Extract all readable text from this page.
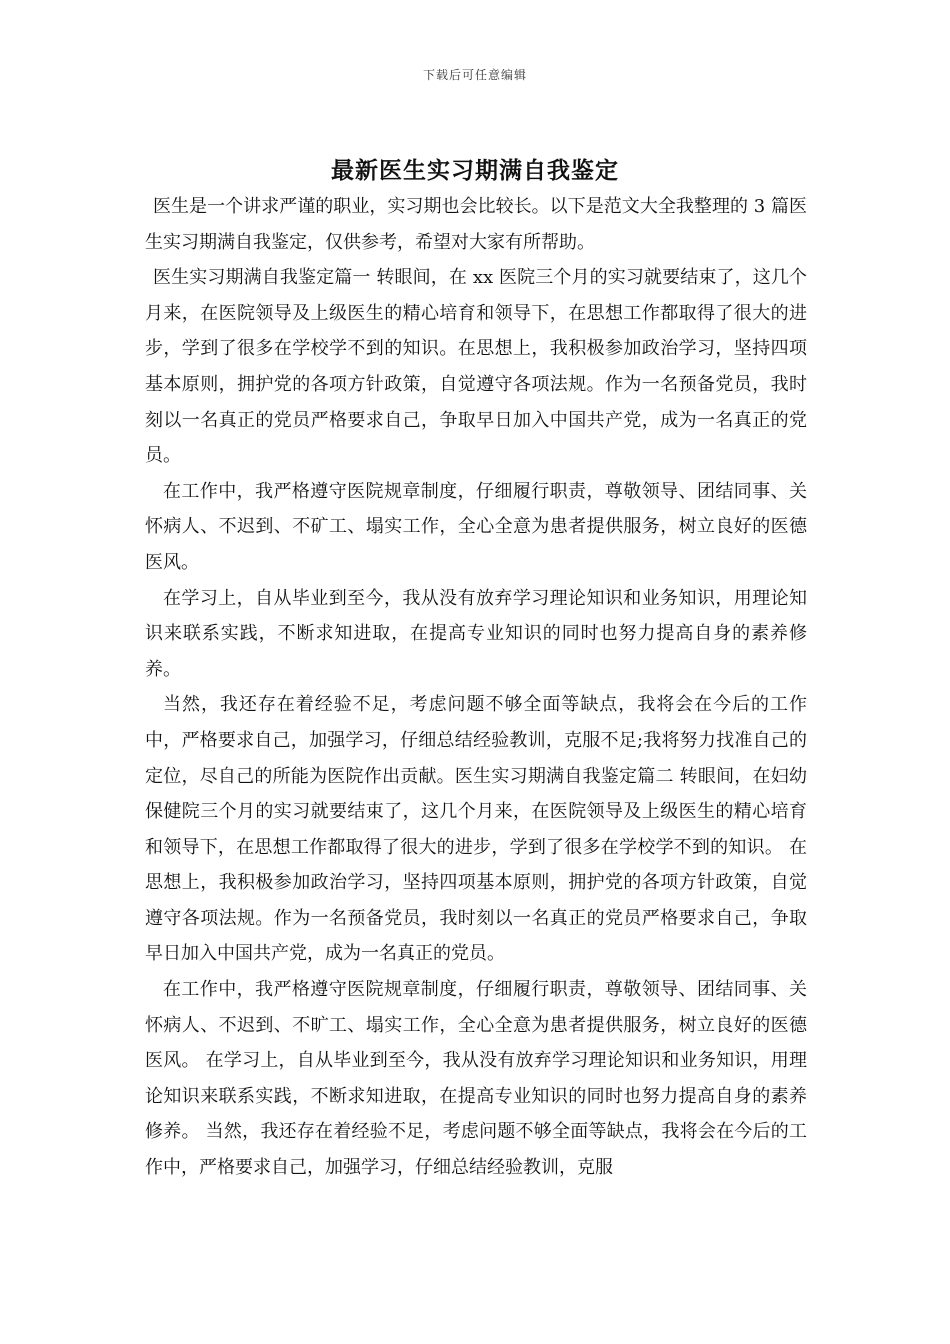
下载后可任意编辑
最新医生实习期满自我鉴定

医生是一个讲求严谨的职业，实习期也会比较长。以下是范文大全我整理的 3 篇医生实习期满自我鉴定，仅供参考，希望对大家有所帮助。

医生实习期满自我鉴定篇一 转眼间，在 xx 医院三个月的实习就要结束了，这几个月来，在医院领导及上级医生的精心培育和领导下，在思想工作都取得了很大的进步，学到了很多在学校学不到的知识。在思想上，我积极参加政治学习，坚持四项基本原则，拥护党的各项方针政策，自觉遵守各项法规。作为一名预备党员，我时刻以一名真正的党员严格要求自己，争取早日加入中国共产党，成为一名真正的党员。

在工作中，我严格遵守医院规章制度，仔细履行职责，尊敬领导、团结同事、关怀病人、不迟到、不矿工、塌实工作，全心全意为患者提供服务，树立良好的医德医风。

在学习上，自从毕业到至今，我从没有放弃学习理论知识和业务知识，用理论知识来联系实践，不断求知进取，在提高专业知识的同时也努力提高自身的素养修养。

当然，我还存在着经验不足，考虑问题不够全面等缺点，我将会在今后的工作中，严格要求自己，加强学习，仔细总结经验教训，克服不足;我将努力找准自己的定位，尽自己的所能为医院作出贡献。医生实习期满自我鉴定篇二 转眼间，在妇幼保健院三个月的实习就要结束了，这几个月来，在医院领导及上级医生的精心培育和领导下，在思想工作都取得了很大的进步，学到了很多在学校学不到的知识。 在思想上，我积极参加政治学习，坚持四项基本原则，拥护党的各项方针政策，自觉遵守各项法规。作为一名预备党员，我时刻以一名真正的党员严格要求自己，争取早日加入中国共产党，成为一名真正的党员。

在工作中，我严格遵守医院规章制度，仔细履行职责，尊敬领导、团结同事、关怀病人、不迟到、不旷工、塌实工作，全心全意为患者提供服务，树立良好的医德医风。 在学习上，自从毕业到至今，我从没有放弃学习理论知识和业务知识，用理论知识来联系实践，不断求知进取，在提高专业知识的同时也努力提高自身的素养修养。 当然，我还存在着经验不足，考虑问题不够全面等缺点，我将会在今后的工作中，严格要求自己，加强学习，仔细总结经验教训，克服
